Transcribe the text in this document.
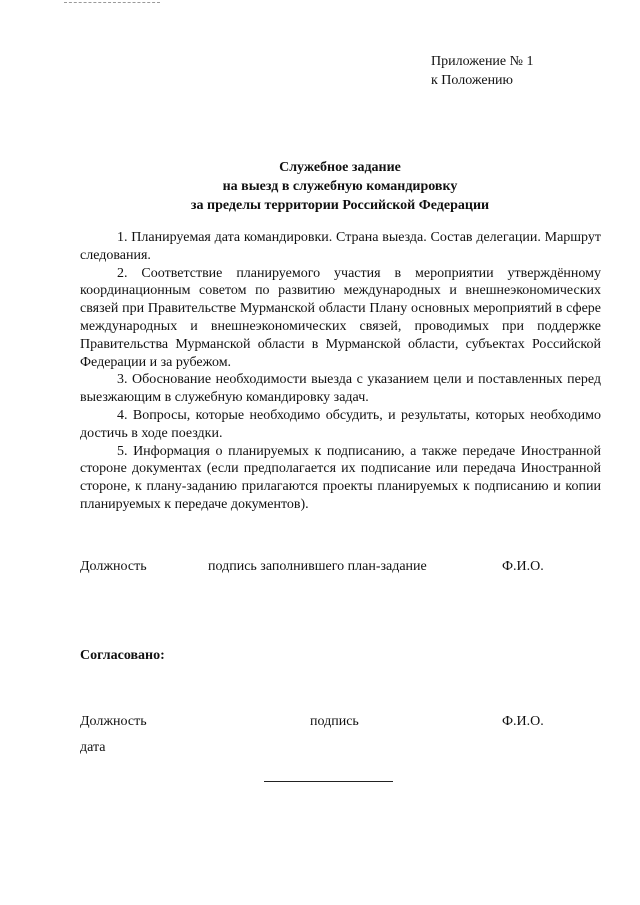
Приложение № 1
к Положению
Служебное задание
на выезд в служебную командировку
за пределы территории Российской Федерации

1. Планируемая дата командировки. Страна выезда. Состав делегации. Маршрут следования.

2. Соответствие планируемого участия в мероприятии утверждённому координационным советом по развитию международных и внешнеэкономических связей при Правительстве Мурманской области Плану основных мероприятий в сфере международных и внешнеэкономических связей, проводимых при поддержке Правительства Мурманской области в Мурманской области, субъектах Российской Федерации и за рубежом.

3. Обоснование необходимости выезда с указанием цели и поставленных перед выезжающим в служебную командировку задач.

4. Вопросы, которые необходимо обсудить, и результаты, которых необходимо достичь в ходе поездки.

5. Информация о планируемых к подписанию, а также передаче Иностранной стороне документах (если предполагается их подписание или передача Иностранной стороне, к плану-заданию прилагаются проекты планируемых к подписанию и копии планируемых к передаче документов).

Должность	подпись заполнившего план-задание	Ф.И.О.
Согласовано:
Должность	подпись	Ф.И.О.
дата
